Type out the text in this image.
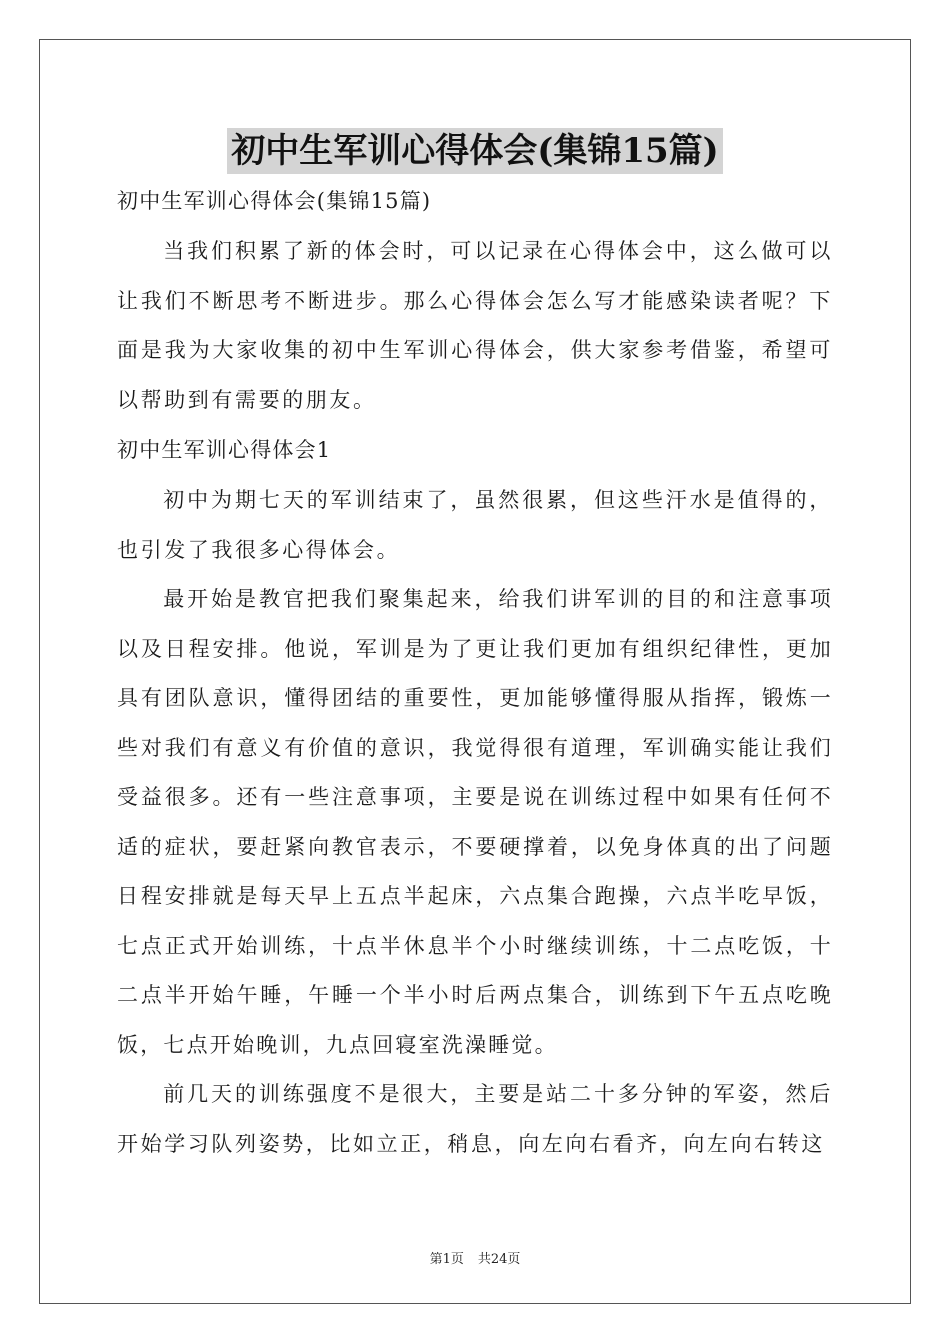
初中生军训心得体会(集锦15篇)

初中生军训心得体会(集锦15篇)

当我们积累了新的体会时，可以记录在心得体会中，这么做可以让我们不断思考不断进步。那么心得体会怎么写才能感染读者呢？下面是我为大家收集的初中生军训心得体会，供大家参考借鉴，希望可以帮助到有需要的朋友。

初中生军训心得体会1

初中为期七天的军训结束了，虽然很累，但这些汗水是值得的，也引发了我很多心得体会。

最开始是教官把我们聚集起来，给我们讲军训的目的和注意事项以及日程安排。他说，军训是为了更让我们更加有组织纪律性，更加具有团队意识，懂得团结的重要性，更加能够懂得服从指挥，锻炼一些对我们有意义有价值的意识，我觉得很有道理，军训确实能让我们受益很多。还有一些注意事项，主要是说在训练过程中如果有任何不适的症状，要赶紧向教官表示，不要硬撑着，以免身体真的出了问题日程安排就是每天早上五点半起床，六点集合跑操，六点半吃早饭，七点正式开始训练，十点半休息半个小时继续训练，十二点吃饭，十二点半开始午睡，午睡一个半小时后两点集合，训练到下午五点吃晚饭，七点开始晚训，九点回寝室洗澡睡觉。

前几天的训练强度不是很大，主要是站二十多分钟的军姿，然后开始学习队列姿势，比如立正，稍息，向左向右看齐，向左向右转这

第1页 共24页
